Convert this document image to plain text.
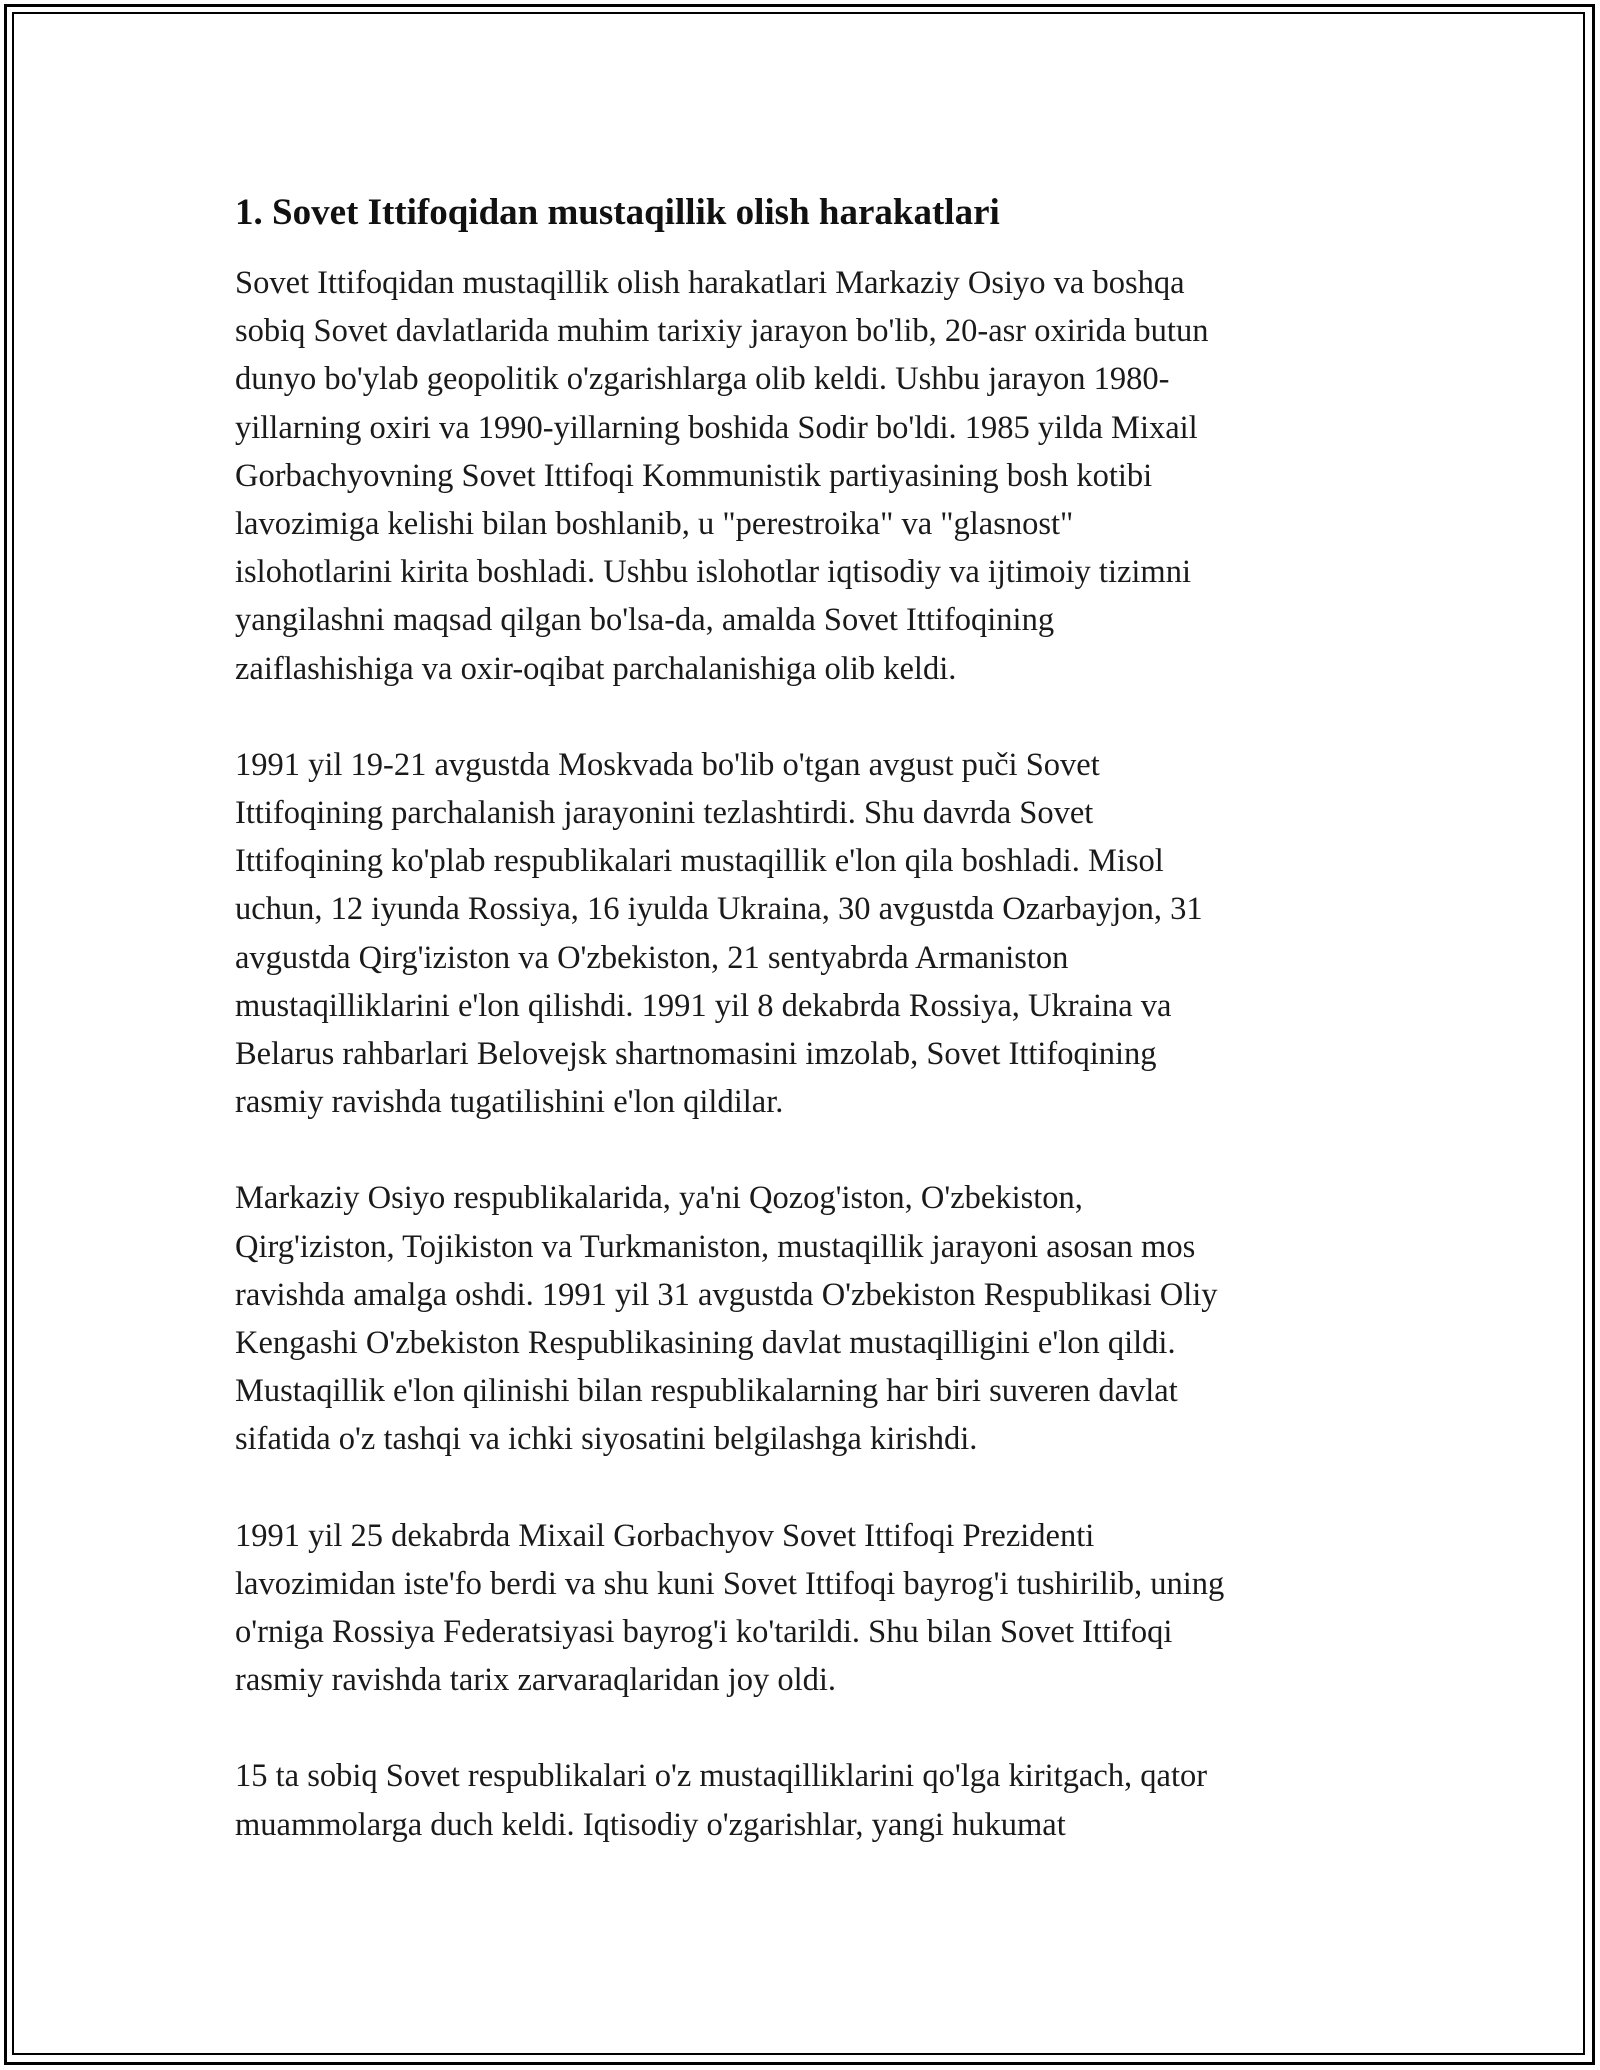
1. Sovet Ittifoqidan mustaqillik olish harakatlari
Sovet Ittifoqidan mustaqillik olish harakatlari Markaziy Osiyo va boshqa
sobiq Sovet davlatlarida muhim tarixiy jarayon bo'lib, 20-asr oxirida butun
dunyo bo'ylab geopolitik o'zgarishlarga olib keldi. Ushbu jarayon 1980-
yillarning oxiri va 1990-yillarning boshida Sodir bo'ldi. 1985 yilda Mixail
Gorbachyovning Sovet Ittifoqi Kommunistik partiyasining bosh kotibi
lavozimiga kelishi bilan boshlanib, u "perestroika" va "glasnost"
islohotlarini kirita boshladi. Ushbu islohotlar iqtisodiy va ijtimoiy tizimni
yangilashni maqsad qilgan bo'lsa-da, amalda Sovet Ittifoqining
zaiflashishiga va oxir-oqibat parchalanishiga olib keldi.
1991 yil 19-21 avgustda Moskvada bo'lib o'tgan avgust puči Sovet
Ittifoqining parchalanish jarayonini tezlashtirdi. Shu davrda Sovet
Ittifoqining ko'plab respublikalari mustaqillik e'lon qila boshladi. Misol
uchun, 12 iyunda Rossiya, 16 iyulda Ukraina, 30 avgustda Ozarbayjon, 31
avgustda Qirg'iziston va O'zbekiston, 21 sentyabrda Armaniston
mustaqilliklarini e'lon qilishdi. 1991 yil 8 dekabrda Rossiya, Ukraina va
Belarus rahbarlari Belovejsk shartnomasini imzolab, Sovet Ittifoqining
rasmiy ravishda tugatilishini e'lon qildilar.
Markaziy Osiyo respublikalarida, ya'ni Qozog'iston, O'zbekiston,
Qirg'iziston, Tojikiston va Turkmaniston, mustaqillik jarayoni asosan mos
ravishda amalga oshdi. 1991 yil 31 avgustda O'zbekiston Respublikasi Oliy
Kengashi O'zbekiston Respublikasining davlat mustaqilligini e'lon qildi.
Mustaqillik e'lon qilinishi bilan respublikalarning har biri suveren davlat
sifatida o'z tashqi va ichki siyosatini belgilashga kirishdi.
1991 yil 25 dekabrda Mixail Gorbachyov Sovet Ittifoqi Prezidenti
lavozimidan iste'fo berdi va shu kuni Sovet Ittifoqi bayrog'i tushirilib, uning
o'rniga Rossiya Federatsiyasi bayrog'i ko'tarildi. Shu bilan Sovet Ittifoqi
rasmiy ravishda tarix zarvaraqlaridan joy oldi.
15 ta sobiq Sovet respublikalari o'z mustaqilliklarini qo'lga kiritgach, qator
muammolarga duch keldi. Iqtisodiy o'zgarishlar, yangi hukumat
